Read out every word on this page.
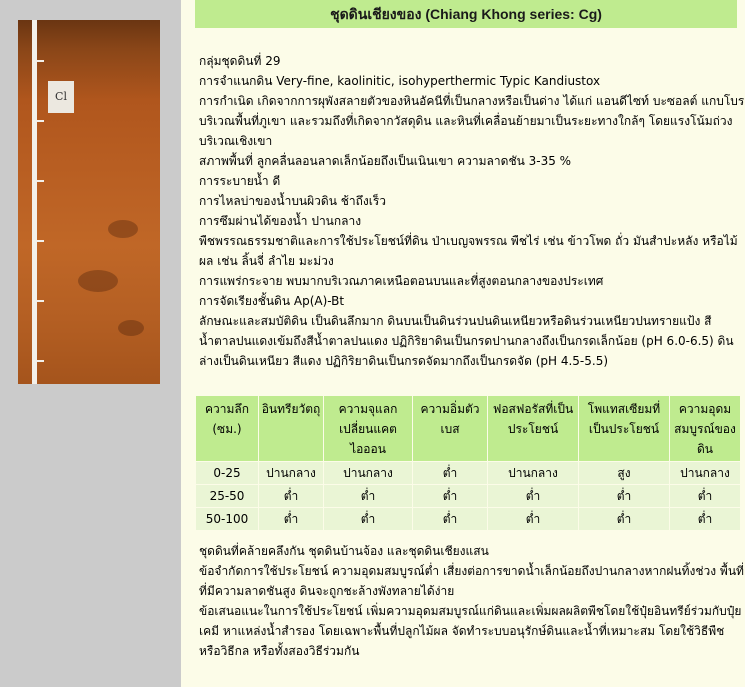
Cl
ชุดดินเชียงของ (Chiang Khong series: Cg)
กลุ่มชุดดินที่ 29
การจำแนกดิน Very-fine, kaolinitic, isohyperthermic Typic Kandiustox
การกำเนิด เกิดจากการผุพังสลายตัวของหินอัคนีที่เป็นกลางหรือเป็นด่าง ได้แก่ แอนดีไซท์ บะซอลต์ แกบโบร บริเวณพื้นที่ภูเขา และรวมถึงที่เกิดจากวัสดุดิน และหินที่เคลื่อนย้ายมาเป็นระยะทางใกล้ๆ โดยแรงโน้มถ่วงบริเวณเชิงเขา
สภาพพื้นที่ ลูกคลื่นลอนลาดเล็กน้อยถึงเป็นเนินเขา ความลาดชัน 3-35 %
การระบายน้ำ ดี
การไหลบ่าของน้ำบนผิวดิน ช้าถึงเร็ว
การซึมผ่านได้ของน้ำ ปานกลาง
พืชพรรณธรรมชาติและการใช้ประโยชน์ที่ดิน ป่าเบญจพรรณ พืชไร่ เช่น ข้าวโพด ถั่ว มันสำปะหลัง หรือไม้ผล เช่น ลิ้นจี่ ลำไย มะม่วง
การแพร่กระจาย พบมากบริเวณภาคเหนือตอนบนและที่สูงตอนกลางของประเทศ
การจัดเรียงชั้นดิน Ap(A)-Bt
ลักษณะและสมบัติดิน เป็นดินลึกมาก ดินบนเป็นดินร่วนปนดินเหนียวหรือดินร่วนเหนียวปนทรายแป้ง สีน้ำตาลปนแดงเข้มถึงสีน้ำตาลปนแดง ปฏิกิริยาดินเป็นกรดปานกลางถึงเป็นกรดเล็กน้อย (pH 6.0-6.5) ดินล่างเป็นดินเหนียว สีแดง ปฏิกิริยาดินเป็นกรดจัดมากถึงเป็นกรดจัด (pH 4.5-5.5)
ความลึก (ซม.)	อินทรียวัตถุ	ความจุแลกเปลี่ยนแคตไอออน	ความอิ่มตัวเบส	ฟอสฟอรัสที่เป็นประโยชน์	โพแทสเซียมที่เป็นประโยชน์	ความอุดมสมบูรณ์ของดิน
0-25	ปานกลาง	ปานกลาง	ต่ำ	ปานกลาง	สูง	ปานกลาง
25-50	ต่ำ	ต่ำ	ต่ำ	ต่ำ	ต่ำ	ต่ำ
50-100	ต่ำ	ต่ำ	ต่ำ	ต่ำ	ต่ำ	ต่ำ
ชุดดินที่คล้ายคลึงกัน ชุดดินบ้านจ้อง และชุดดินเชียงแสน
ข้อจำกัดการใช้ประโยชน์ ความอุดมสมบูรณ์ต่ำ เสี่ยงต่อการขาดน้ำเล็กน้อยถึงปานกลางหากฝนทิ้งช่วง พื้นที่ที่มีความลาดชันสูง ดินจะถูกชะล้างพังทลายได้ง่าย
ข้อเสนอแนะในการใช้ประโยชน์ เพิ่มความอุดมสมบูรณ์แก่ดินและเพิ่มผลผลิตพืชโดยใช้ปุ๋ยอินทรีย์ร่วมกับปุ๋ยเคมี หาแหล่งน้ำสำรอง โดยเฉพาะพื้นที่ปลูกไม้ผล จัดทำระบบอนุรักษ์ดินและน้ำที่เหมาะสม โดยใช้วิธีพืชหรือวิธีกล หรือทั้งสองวิธีร่วมกัน
